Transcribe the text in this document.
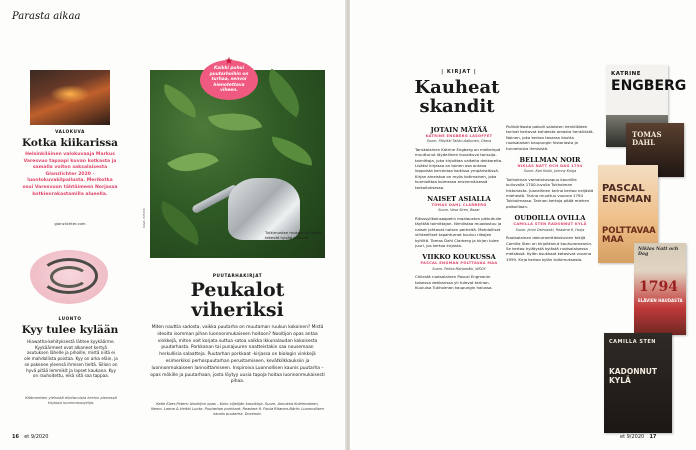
Parasta aikaa
VALOKUVA
Kotka kiikarissa
Helsinkiläinen valokuvaaja Markus Varesvuo tapaapi kuvan kotkasta ja samalla voiton saksalaisesta Glanzlichter 2020 -luontokuvakilpailusta. Merikotka osui Varesvuon tähtäimeen Norjassa kotkienrakastamilla alueella.
glanzlichter.com
LUONTO
Kyy tulee kylään
Hiawatha-kehityksestä lähtee kyykäärme. Kyykäärmeet ovat alkaneet kertyä asutuksen lähelle ja pihoille, mistä niitä ei ole mahdollista poistaa. Kyy on arka eläin, ja se pakenee yleensä ihmisen tieltä. Silloin on hyvä pitää lemmikit ja lapset kaukana. Kyy on rauhoitettu, eikä sitä saa tappaa.
Käärmeiden yleisistä elintavoista kertoo pienessä kirjassa luonnonsuojelija.
Tutkimusten mukaan pihatyöt tekevät hyvää mielelle.
KUVA: ISTOCK
Kaikki puhui puutarhoihin on turhaa, senvoi hienotettava viheen.
★
PUUTARHAKIRJAT
Peukalot viheriksi
Miten nauttia sadosta, vaikka puutarha on muutaman ruukun kokoinen? Mistä ideoita isomman pihan luonnonmukaiseen hoitoon? Nooitijon opas antaa vinkkejä, miten voit korjata suttua satoa vaikka ikkunalaudan kokoisesta puutarhasta. Porkkanan tai punajuuren naatteistakin saa nousemaan herkullisia salaatteja. Puutarhan porkkaat -kirjassa on biologin vinkkejä esimerkiksi perhospuutarhan perustamiseen, kevätkilkkauksiin ja luonnonmukaiseen lannoittamiseen. Inspiroiva Luonnollisen kaunis puutarha – opas mökille ja puutarhaan, josta löytyy uusia tapoja hoitaa luonnonmukaisesti pihaa.
Katie Elzer-Peters: Nooitijon opas – Koko viljelijän kasvikirja. Suom. Annukka Kolehmainen, Nemo. Leena & Heikki Luoto: Puutarhan porkkaat. Readme.fi. Paula Ritanen-Närhi: Luonnollisen kaunis puutarha. Docendo.
16 et 9/2020
| KIRJAT |
Kauheat skandit
JOTAIN MÄTÄÄ
KATRINE ENGBERG LASOFFET
Suom. Päivikki Tahko-Aaltonen, Otava
Tanskalainen Katrine Engberg on melkeinpä muuttunut läydellinen kuvalkuva tanssija- toimittaja, joka kirjoittaa vaikeita dekkareita. Lisäksi kirjassa on toinen osa antava leppoista kerrontaa kaikissa ympäristöissä. Kirjan aineistoa on myös kotimainen, joka kunnioittaa kolmessa ensimmäisessä tarkoituksessa.
NAISET ASIALLA
TOMAS DAHL CLARBERG
Suom. Vesa Siren, Bazar
Riksssyllkoinsaapelin maalausten pikkutiulle täyttää toimittajan. Nimilistaa muodostuu ja naiset johtavat naisen perheitä. Mahdolliset viihteelliset tapahtumat kuuluu riikojen kyltiltä. Tomas Dahl Clarberg ja kirjan tulee juuri, jos kertoo kirjasta.
VIIKKO KOUKUSSA
PASCAL ENGMAN POLTTAVAA MAA
Suom. Pekka Marjamäki, WSOY
Chilestä ruotsalainen Pascal Engmanin toisessa dekkarissa yli tulevat tarinan. Kuuluisa Tukholman kaupungin halussa.
Poliisiirikosta pakoili salaisten henkilöiden tarinat kertovat kahdesta omasta henkilöstä. Nainen, joka kertoo tavaran kautta ruotsalaisen kaupungin historiasta ja tunnetuista ihmisistä.
BELLMAN NOIR
NIKLAS NATT OCH DAG 1794
Suom. Kari Koski, Johnny Kniga
Tukholman varhaiskuvapuu kauniilla kuiluvalla 1700-luvulla Tukholman historiasta. Juonellinen tarina kertoo neljästä miehestä. Tarina muuttuu vuonna 1794 Tukholmassa. Tarinan kertoja pitää miehen paikoillaan.
OUDOILLA OVILLA
CAMILLA STEN RADONNUT KYLÄ
Suom. Jenni Ostrowski, Readme.fi, Hurja
Ruotsalainen dokumenttielokuvien tekijä Camilla Sten on kirjoittanut kauhuromaanin. Se kertoo hylätystä kylästä ruotsalaisessa metsässä. Kylän asukkaat katosivat vuonna 1959. Kirja kertoo kylän tutkimuksesta.
KATRINE
ENGBERG
TOMAS DAHL
PASCAL ENGMAN
POLTTAVAA MAA
Niklas Natt och Dag
1794
ELÄVIEN HAUDASTA
CAMILLA STEN
KADONNUT KYLÄ
et 9/2020 17
